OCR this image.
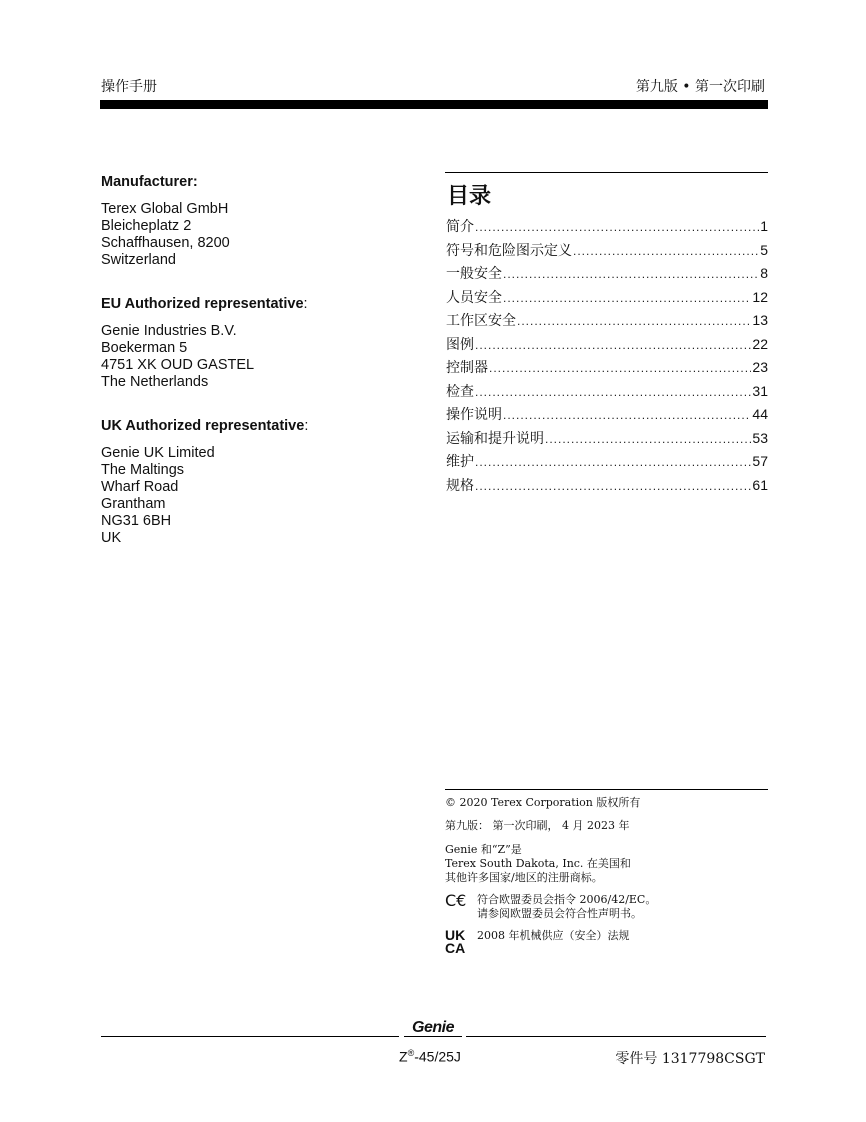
操作手册	第九版 • 第一次印刷
Manufacturer:
Terex Global GmbH
Bleicheplatz 2
Schaffhausen, 8200
Switzerland
EU Authorized representative:
Genie Industries B.V.
Boekerman 5
4751 XK OUD GASTEL
The Netherlands
UK Authorized representative:
Genie UK Limited
The Maltings
Wharf Road
Grantham
NG31 6BH
UK
目录
简介 .....	1
符号和危险图示定义 .....	5
一般安全 .....	8
人员安全 .....	12
工作区安全 .....	13
图例 .....	22
控制器 .....	23
检查 .....	31
操作说明 .....	44
运输和提升说明 .....	53
维护 .....	57
规格 .....	61
© 2020 Terex Corporation 版权所有
第九版： 第一次印刷， 4 月 2023 年
Genie 和“Z”是
Terex South Dakota, Inc. 在美国和
其他许多国家/地区的注册商标。
C€ 符合欧盟委员会指令 2006/42/EC。
请参阅欧盟委员会符合性声明书。
UK
CA
2008 年机械供应（安全）法规
Genie
Z®-45/25J	零件号 1317798CSGT
